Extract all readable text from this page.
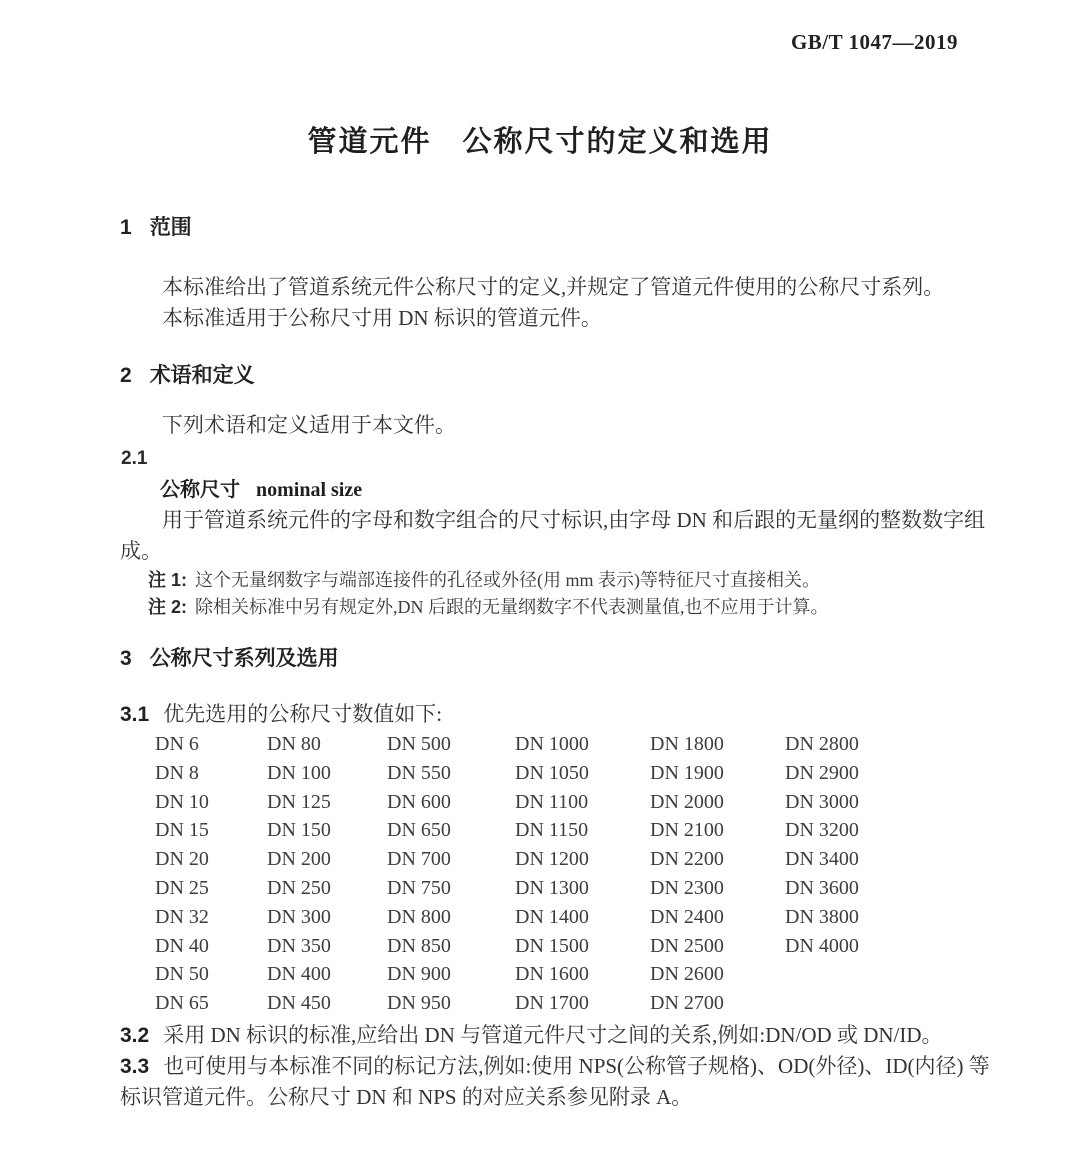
GB/T 1047—2019
管道元件　公称尺寸的定义和选用
1 范围

本标准给出了管道系统元件公称尺寸的定义,并规定了管道元件使用的公称尺寸系列。

本标准适用于公称尺寸用 DN 标识的管道元件。

2 术语和定义

下列术语和定义适用于本文件。

2.1
公称尺寸 nominal size

用于管道系统元件的字母和数字组合的尺寸标识,由字母 DN 和后跟的无量纲的整数数字组成。

注 1: 这个无量纲数字与端部连接件的孔径或外径(用 mm 表示)等特征尺寸直接相关。
注 2: 除相关标准中另有规定外,DN 后跟的无量纲数字不代表测量值,也不应用于计算。
3 公称尺寸系列及选用

3.1 优先选用的公称尺寸数值如下:

DN 6	DN 80	DN 500	DN 1000	DN 1800	DN 2800
DN 8	DN 100	DN 550	DN 1050	DN 1900	DN 2900
DN 10	DN 125	DN 600	DN 1100	DN 2000	DN 3000
DN 15	DN 150	DN 650	DN 1150	DN 2100	DN 3200
DN 20	DN 200	DN 700	DN 1200	DN 2200	DN 3400
DN 25	DN 250	DN 750	DN 1300	DN 2300	DN 3600
DN 32	DN 300	DN 800	DN 1400	DN 2400	DN 3800
DN 40	DN 350	DN 850	DN 1500	DN 2500	DN 4000
DN 50	DN 400	DN 900	DN 1600	DN 2600
DN 65	DN 450	DN 950	DN 1700	DN 2700

3.2 采用 DN 标识的标准,应给出 DN 与管道元件尺寸之间的关系,例如:DN/OD 或 DN/ID。

3.3 也可使用与本标准不同的标记方法,例如:使用 NPS(公称管子规格)、OD(外径)、ID(内径) 等标识管道元件。公称尺寸 DN 和 NPS 的对应关系参见附录 A。
